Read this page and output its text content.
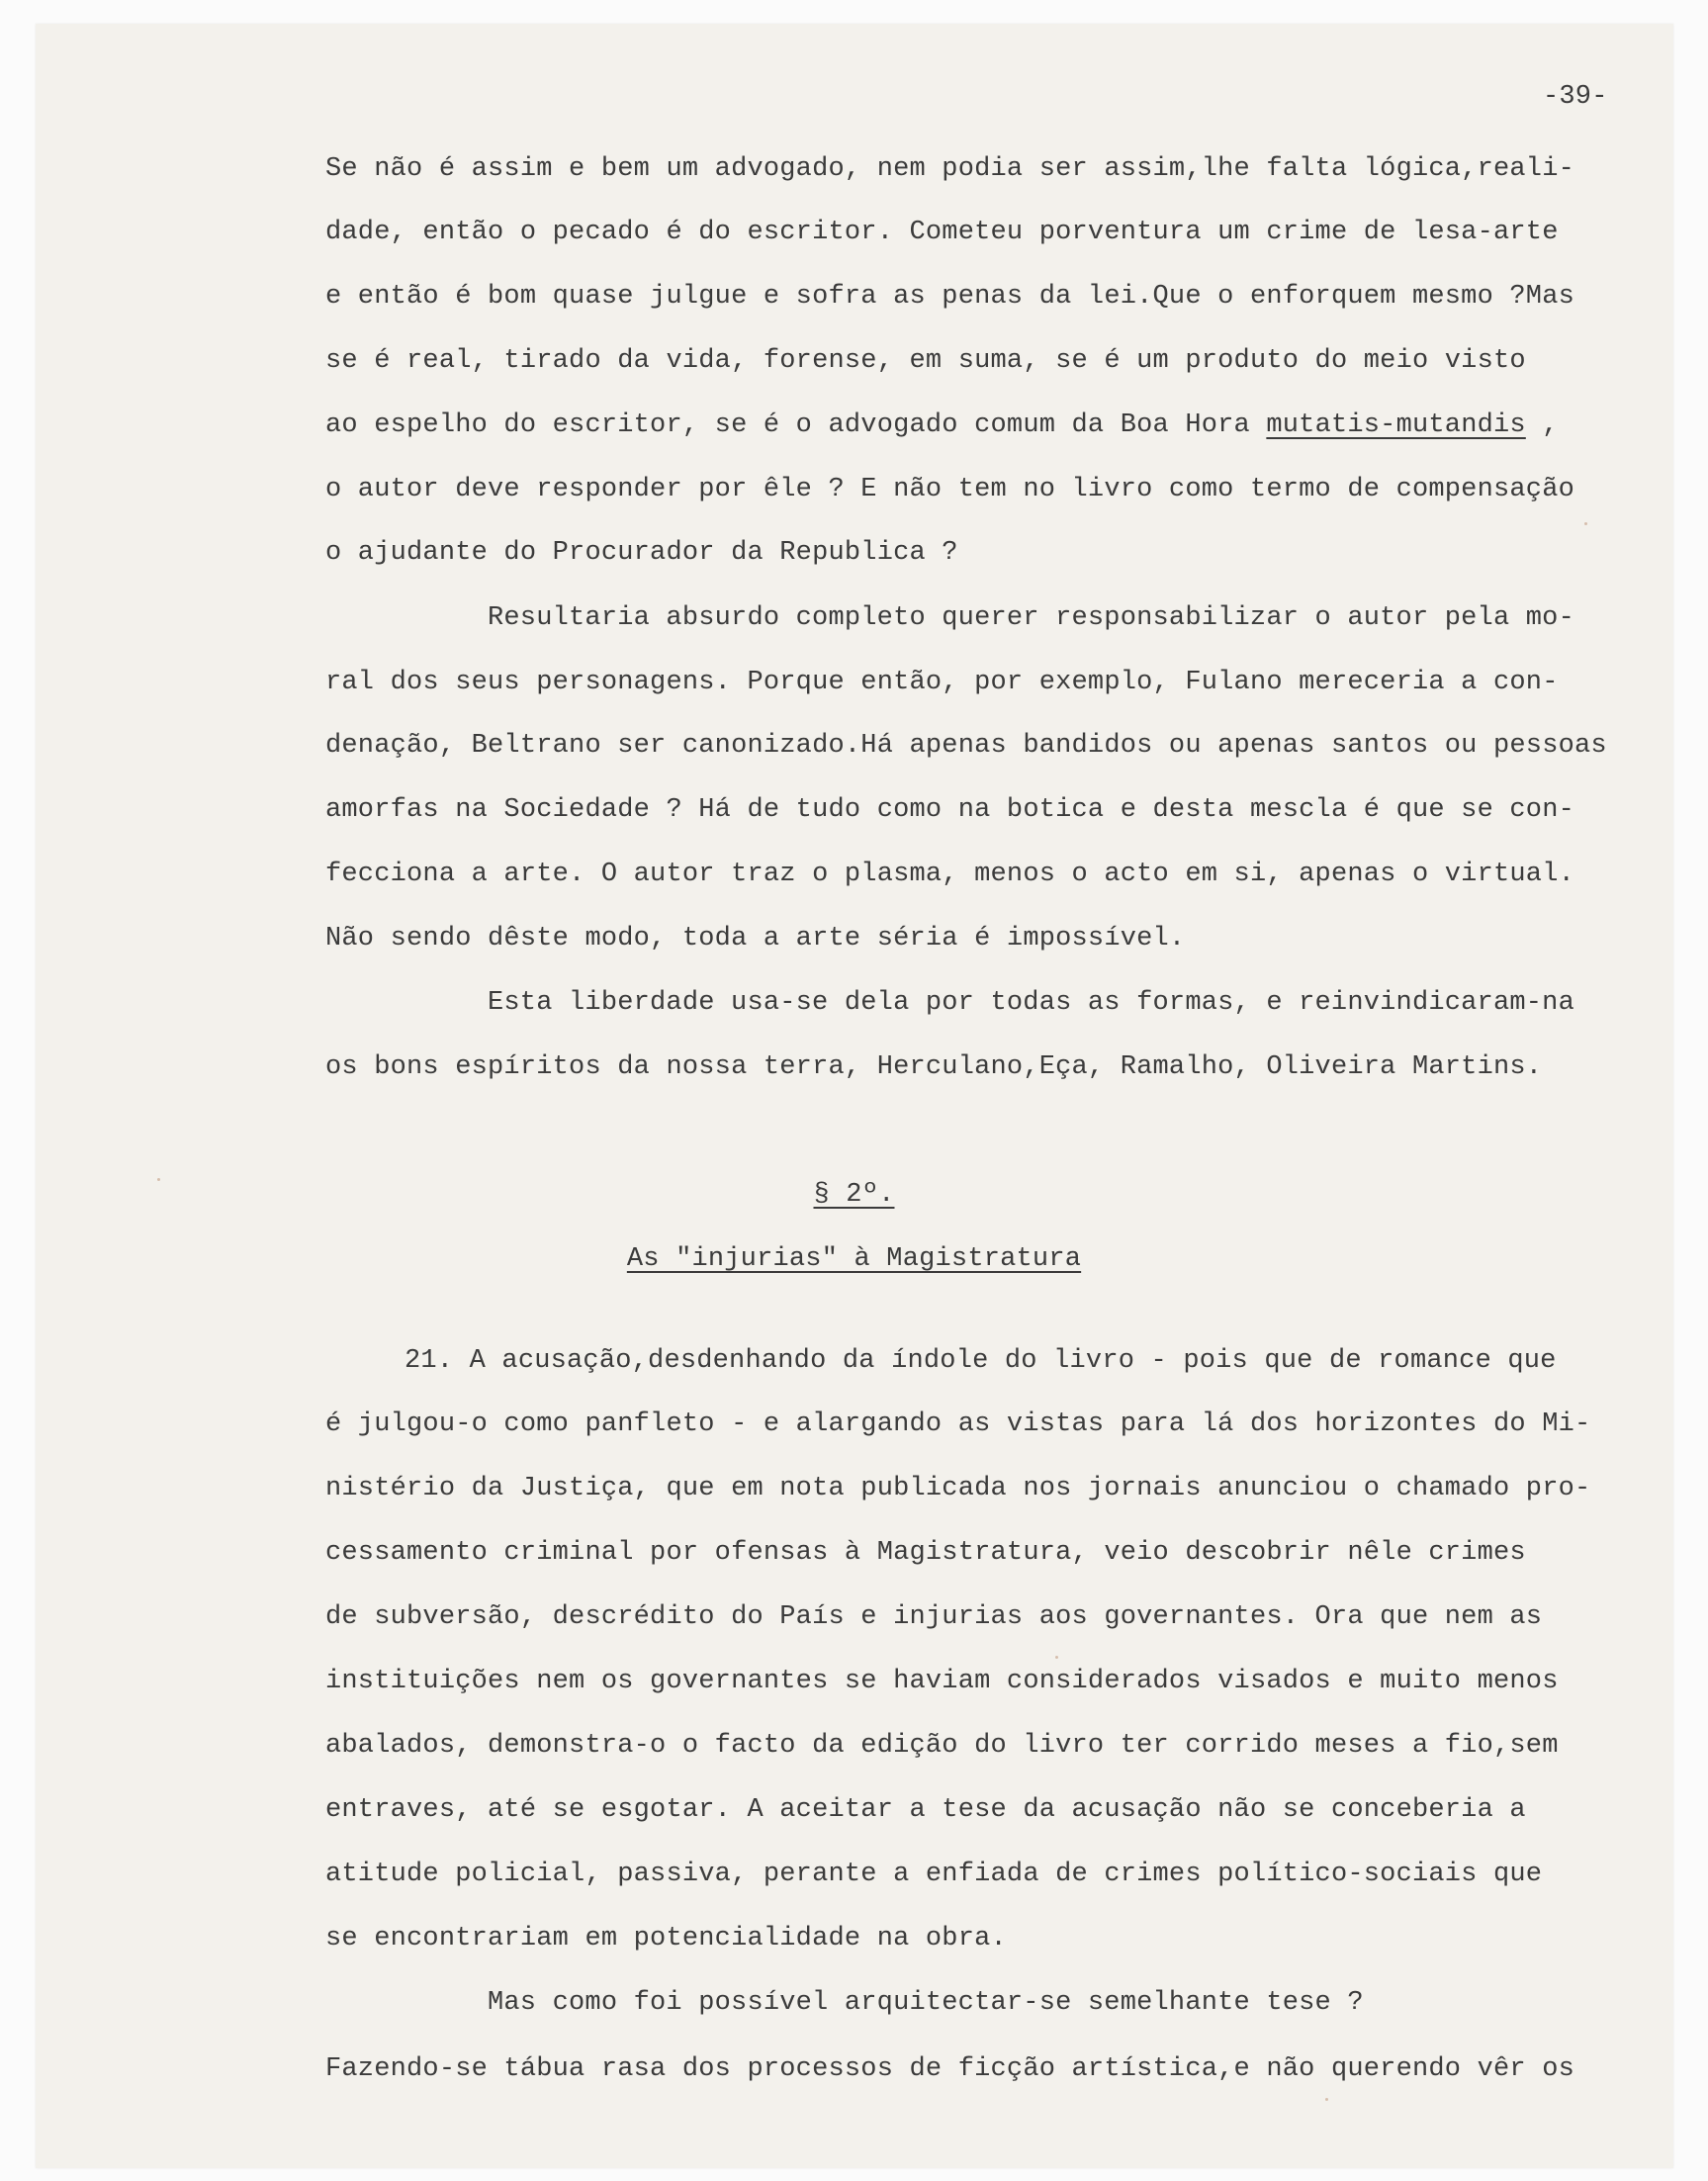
-39-
Se não é assim e bem um advogado, nem podia ser assim,lhe falta lógica,reali-
dade, então o pecado é do escritor. Cometeu porventura um crime de lesa-arte
e então é bom quase julgue e sofra as penas da lei.Que o enforquem mesmo ?Mas
se é real, tirado da vida, forense, em suma, se é um produto do meio visto
ao espelho do escritor, se é o advogado comum da Boa Hora mutatis-mutandis ,
o autor deve responder por êle ? E não tem no livro como termo de compensação
o ajudante do Procurador da Republica ?
Resultaria absurdo completo querer responsabilizar o autor pela mo-
ral dos seus personagens. Porque então, por exemplo, Fulano mereceria a con-
denação, Beltrano ser canonizado.Há apenas bandidos ou apenas santos ou pessoas
amorfas na Sociedade ? Há de tudo como na botica e desta mescla é que se con-
fecciona a arte. O autor traz o plasma, menos o acto em si, apenas o virtual.
Não sendo dêste modo, toda a arte séria é impossível.
Esta liberdade usa-se dela por todas as formas, e reinvindicaram-na
os bons espíritos da nossa terra, Herculano,Eça, Ramalho, Oliveira Martins.
§ 2º.
As "injurias" à Magistratura
21. A acusação,desdenhando da índole do livro - pois que de romance que
é julgou-o como panfleto - e alargando as vistas para lá dos horizontes do Mi-
nistério da Justiça, que em nota publicada nos jornais anunciou o chamado pro-
cessamento criminal por ofensas à Magistratura, veio descobrir nêle crimes
de subversão, descrédito do País e injurias aos governantes. Ora que nem as
instituições nem os governantes se haviam considerados visados e muito menos
abalados, demonstra-o o facto da edição do livro ter corrido meses a fio,sem
entraves, até se esgotar. A aceitar a tese da acusação não se conceberia a
atitude policial, passiva, perante a enfiada de crimes político-sociais que
se encontrariam em potencialidade na obra.
Mas como foi possível arquitectar-se semelhante tese ?
Fazendo-se tábua rasa dos processos de ficção artística,e não querendo vêr os
